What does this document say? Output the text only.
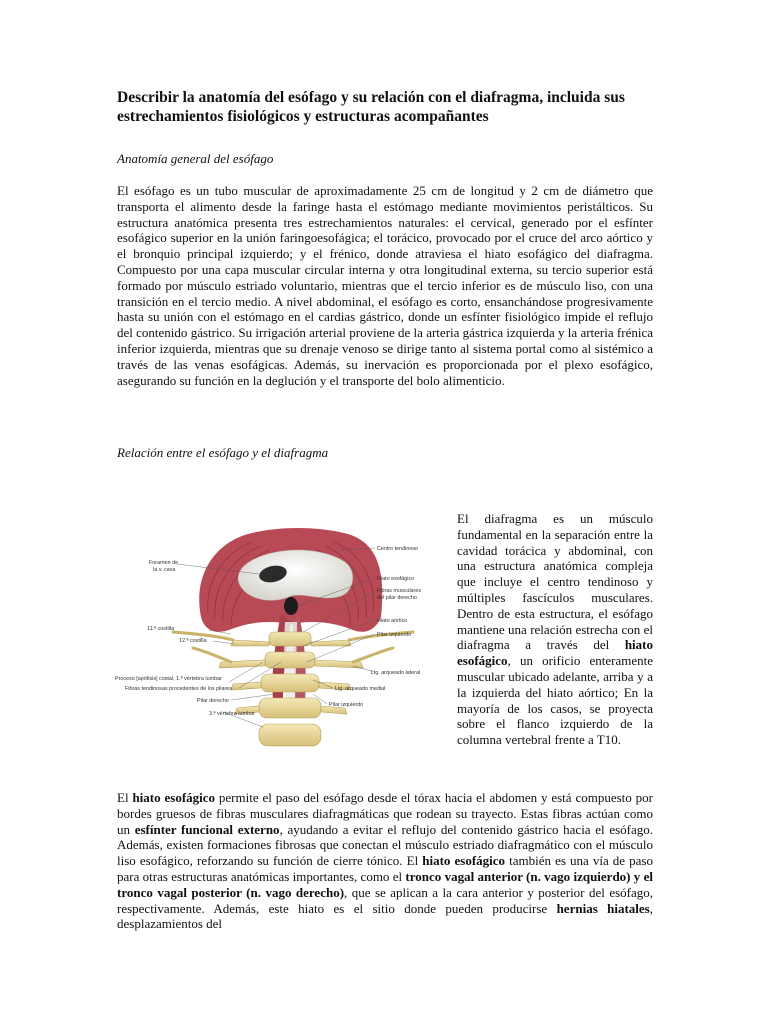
Describir la anatomía del esófago y su relación con el diafragma, incluida sus estrechamientos fisiológicos y estructuras acompañantes
Anatomía general del esófago

El esófago es un tubo muscular de aproximadamente 25 cm de longitud y 2 cm de diámetro que transporta el alimento desde la faringe hasta el estómago mediante movimientos peristálticos. Su estructura anatómica presenta tres estrechamientos naturales: el cervical, generado por el esfínter esofágico superior en la unión faringoesofágica; el torácico, provocado por el cruce del arco aórtico y el bronquio principal izquierdo; y el frénico, donde atraviesa el hiato esofágico del diafragma. Compuesto por una capa muscular circular interna y otra longitudinal externa, su tercio superior está formado por músculo estriado voluntario, mientras que el tercio inferior es de músculo liso, con una transición en el tercio medio. A nivel abdominal, el esófago es corto, ensanchándose progresivamente hasta su unión con el estómago en el cardias gástrico, donde un esfínter fisiológico impide el reflujo del contenido gástrico. Su irrigación arterial proviene de la arteria gástrica izquierda y la arteria frénica inferior izquierda, mientras que su drenaje venoso se dirige tanto al sistema portal como al sistémico a través de las venas esofágicas. Además, su inervación es proporcionada por el plexo esofágico, asegurando su función en la deglución y el transporte del bolo alimenticio.

Relación entre el esófago y el diafragma
Foramen de
la v. cava
11.ª costilla
12.ª costilla
Proceso [apófisis] costal, 1.ª vértebra lumbar
Fibras tendinosas procedentes de los pilares
Pilar derecho
3.ª vértebra lumbar
Centro tendinoso
Hiato esofágico
Fibras musculares
del pilar derecho
Hiato aórtico
Pilar izquierdo
Lig. arqueado lateral
Lig. arqueado medial
Pilar izquierdo

El diafragma es un músculo fundamental en la separación entre la cavidad torácica y abdominal, con una estructura anatómica compleja que incluye el centro tendinoso y múltiples fascículos musculares. Dentro de esta estructura, el esófago mantiene una relación estrecha con el diafragma a través del hiato esofágico, un orificio enteramente muscular ubicado adelante, arriba y a la izquierda del hiato aórtico; En la mayoría de los casos, se proyecta sobre el flanco izquierdo de la columna vertebral frente a T10.

El hiato esofágico permite el paso del esófago desde el tórax hacia el abdomen y está compuesto por bordes gruesos de fibras musculares diafragmáticas que rodean su trayecto. Estas fibras actúan como un esfínter funcional externo, ayudando a evitar el reflujo del contenido gástrico hacia el esófago. Además, existen formaciones fibrosas que conectan el músculo estriado diafragmático con el músculo liso esofágico, reforzando su función de cierre tónico. El hiato esofágico también es una vía de paso para otras estructuras anatómicas importantes, como el tronco vagal anterior (n. vago izquierdo) y el tronco vagal posterior (n. vago derecho), que se aplican a la cara anterior y posterior del esófago, respectivamente. Además, este hiato es el sitio donde pueden producirse hernias hiatales, desplazamientos del
